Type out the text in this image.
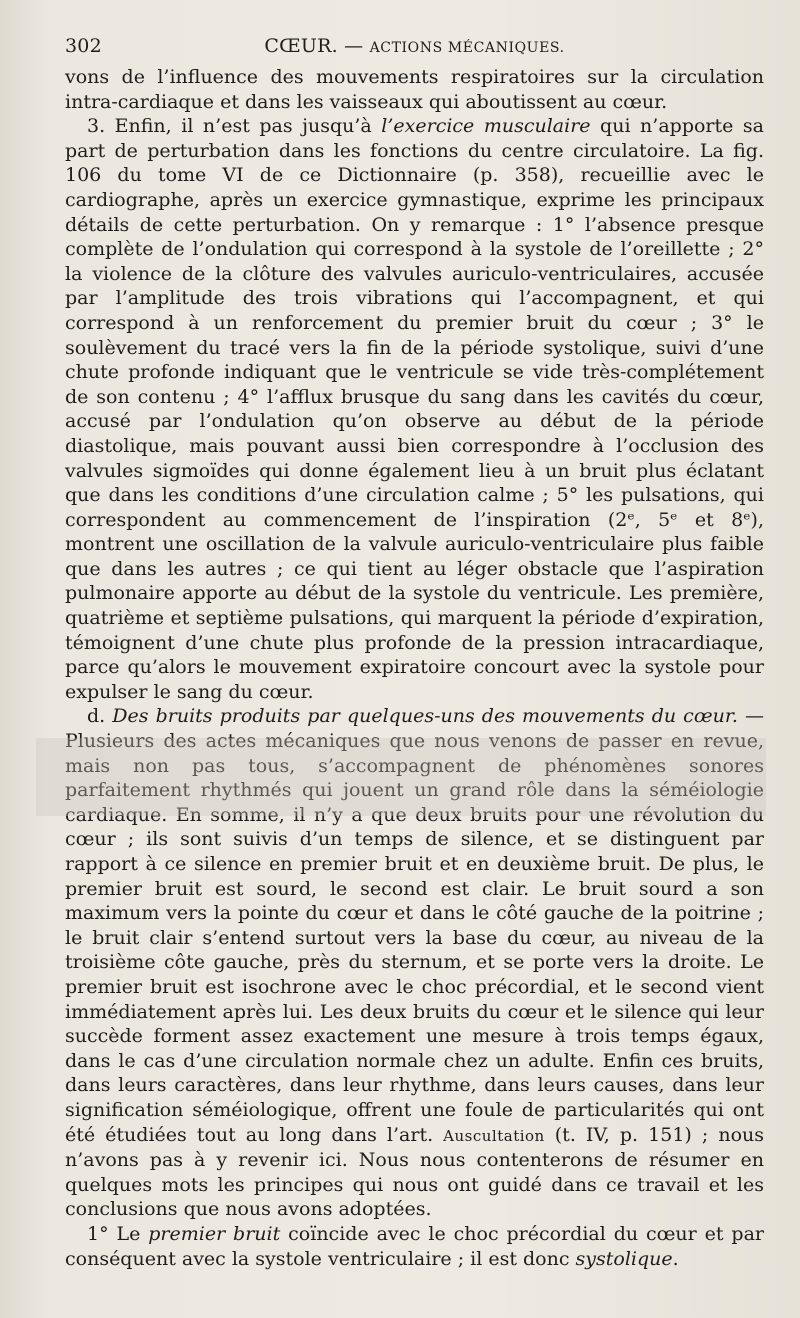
302	CŒUR. — ACTIONS MÉCANIQUES.

vons de l’influence des mouvements respiratoires sur la circulation intra-cardiaque et dans les vaisseaux qui aboutissent au cœur.

3. Enfin, il n’est pas jusqu’à l’exercice musculaire qui n’apporte sa part de perturbation dans les fonctions du centre circulatoire. La fig. 106 du tome VI de ce Dictionnaire (p. 358), recueillie avec le cardiographe, après un exercice gymnastique, exprime les principaux détails de cette perturbation. On y remarque : 1° l’absence presque complète de l’ondulation qui correspond à la systole de l’oreillette ; 2° la violence de la clôture des valvules auriculo-ventriculaires, accusée par l’amplitude des trois vibrations qui l’accompagnent, et qui correspond à un renforcement du premier bruit du cœur ; 3° le soulèvement du tracé vers la fin de la période systolique, suivi d’une chute profonde indiquant que le ventricule se vide très-complétement de son contenu ; 4° l’afflux brusque du sang dans les cavités du cœur, accusé par l’ondulation qu’on observe au début de la période diastolique, mais pouvant aussi bien correspondre à l’occlusion des valvules sigmoïdes qui donne également lieu à un bruit plus éclatant que dans les conditions d’une circulation calme ; 5° les pulsations, qui correspondent au commencement de l’inspiration (2ᵉ, 5ᵉ et 8ᵉ), montrent une oscillation de la valvule auriculo-ventriculaire plus faible que dans les autres ; ce qui tient au léger obstacle que l’aspiration pulmonaire apporte au début de la systole du ventricule. Les première, quatrième et septième pulsations, qui marquent la période d’expiration, témoignent d’une chute plus profonde de la pression intracardiaque, parce qu’alors le mouvement expiratoire concourt avec la systole pour expulser le sang du cœur.

d. Des bruits produits par quelques-uns des mouvements du cœur. — Plusieurs des actes mécaniques que nous venons de passer en revue, mais non pas tous, s’accompagnent de phénomènes sonores parfaitement rhythmés qui jouent un grand rôle dans la séméiologie cardiaque. En somme, il n’y a que deux bruits pour une révolution du cœur ; ils sont suivis d’un temps de silence, et se distinguent par rapport à ce silence en premier bruit et en deuxième bruit. De plus, le premier bruit est sourd, le second est clair. Le bruit sourd a son maximum vers la pointe du cœur et dans le côté gauche de la poitrine ; le bruit clair s’entend surtout vers la base du cœur, au niveau de la troisième côte gauche, près du sternum, et se porte vers la droite. Le premier bruit est isochrone avec le choc précordial, et le second vient immédiatement après lui. Les deux bruits du cœur et le silence qui leur succède forment assez exactement une mesure à trois temps égaux, dans le cas d’une circulation normale chez un adulte. Enfin ces bruits, dans leurs caractères, dans leur rhythme, dans leurs causes, dans leur signification séméiologique, offrent une foule de particularités qui ont été étudiées tout au long dans l’art. Auscultation (t. IV, p. 151) ; nous n’avons pas à y revenir ici. Nous nous contenterons de résumer en quelques mots les principes qui nous ont guidé dans ce travail et les conclusions que nous avons adoptées.

1° Le premier bruit coïncide avec le choc précordial du cœur et par conséquent avec la systole ventriculaire ; il est donc systolique.
